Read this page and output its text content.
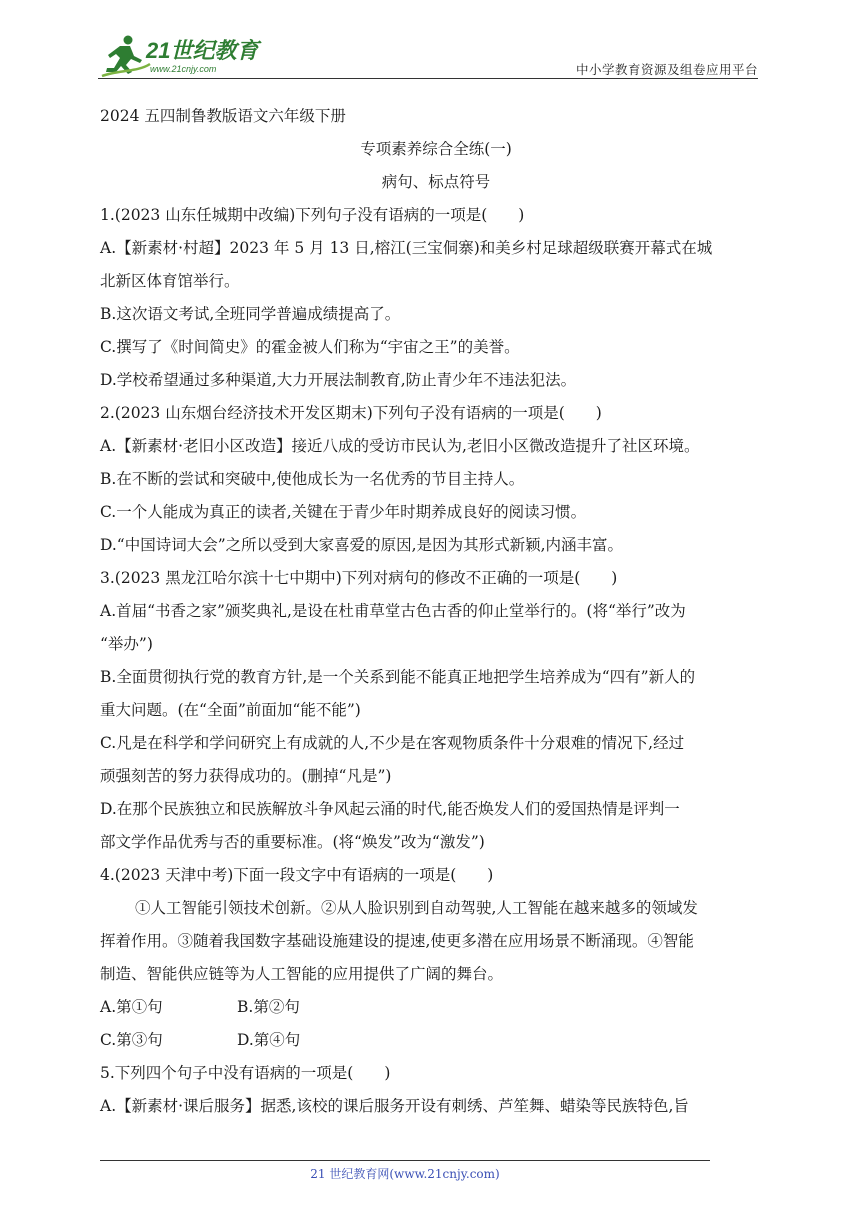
21世纪教育
www.21cnjy.com	中小学教育资源及组卷应用平台
2024 五四制鲁教版语文六年级下册
专项素养综合全练(一)
病句、标点符号
1.(2023 山东任城期中改编)下列句子没有语病的一项是(　　)
A.【新素材·村超】2023 年 5 月 13 日,榕江(三宝侗寨)和美乡村足球超级联赛开幕式在城
北新区体育馆举行。
B.这次语文考试,全班同学普遍成绩提高了。
C.撰写了《时间简史》的霍金被人们称为“宇宙之王”的美誉。
D.学校希望通过多种渠道,大力开展法制教育,防止青少年不违法犯法。
2.(2023 山东烟台经济技术开发区期末)下列句子没有语病的一项是(　　)
A.【新素材·老旧小区改造】接近八成的受访市民认为,老旧小区微改造提升了社区环境。
B.在不断的尝试和突破中,使他成长为一名优秀的节目主持人。
C.一个人能成为真正的读者,关键在于青少年时期养成良好的阅读习惯。
D.“中国诗词大会”之所以受到大家喜爱的原因,是因为其形式新颖,内涵丰富。
3.(2023 黑龙江哈尔滨十七中期中)下列对病句的修改不正确的一项是(　　)
A.首届“书香之家”颁奖典礼,是设在杜甫草堂古色古香的仰止堂举行的。(将“举行”改为
“举办”)
B.全面贯彻执行党的教育方针,是一个关系到能不能真正地把学生培养成为“四有”新人的
重大问题。(在“全面”前面加“能不能”)
C.凡是在科学和学问研究上有成就的人,不少是在客观物质条件十分艰难的情况下,经过
顽强刻苦的努力获得成功的。(删掉“凡是”)
D.在那个民族独立和民族解放斗争风起云涌的时代,能否焕发人们的爱国热情是评判一
部文学作品优秀与否的重要标准。(将“焕发”改为“激发”)
4.(2023 天津中考)下面一段文字中有语病的一项是(　　)
①人工智能引领技术创新。②从人脸识别到自动驾驶,人工智能在越来越多的领域发
挥着作用。③随着我国数字基础设施建设的提速,使更多潜在应用场景不断涌现。④智能
制造、智能供应链等为人工智能的应用提供了广阔的舞台。
A.第①句	B.第②句
C.第③句	D.第④句
5.下列四个句子中没有语病的一项是(　　)
A.【新素材·课后服务】据悉,该校的课后服务开设有刺绣、芦笙舞、蜡染等民族特色,旨
21 世纪教育网(www.21cnjy.com)
